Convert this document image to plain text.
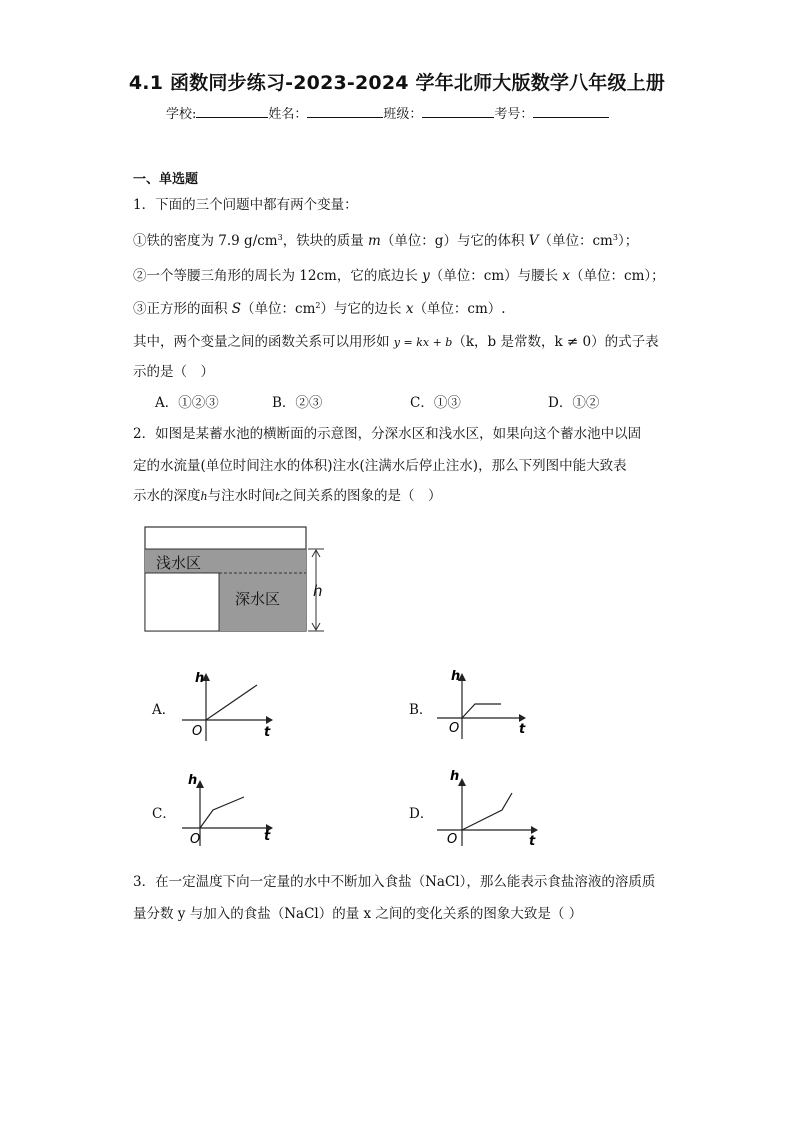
4.1 函数同步练习-2023-2024 学年北师大版数学八年级上册
学校:	姓名：	班级：	考号：
一、单选题
1．下面的三个问题中都有两个变量：
①铁的密度为 7.9 $g/cm^3$，铁块的质量 m（单位：g）与它的体积 V（单位：$cm^3$）；
②一个等腰三角形的周长为 12cm，它的底边长 y（单位：cm）与腰长 x（单位：cm）；
③正方形的面积 S（单位：$cm^2$）与它的边长 x（单位：cm）.
其中，两个变量之间的函数关系可以用形如 y = kx + b（k，b 是常数，k ≠ 0）的式子表
示的是（　）
A．①②③	B．②③	C．①③	D．①②
2．如图是某蓄水池的横断面的示意图，分深水区和浅水区，如果向这个蓄水池中以固
定的水流量(单位时间注水的体积)注水(注满水后停止注水)，那么下列图中能大致表
示水的深度h与注水时间t之间关系的图象的是（　）
浅水区
深水区 h
A．	B．
C．	D．
h
t
O
h
t
O
h
t
O
h
t
O
3．在一定温度下向一定量的水中不断加入食盐（NaCl），那么能表示食盐溶液的溶质质
量分数 y 与加入的食盐（NaCl）的量 x 之间的变化关系的图象大致是（ ）
